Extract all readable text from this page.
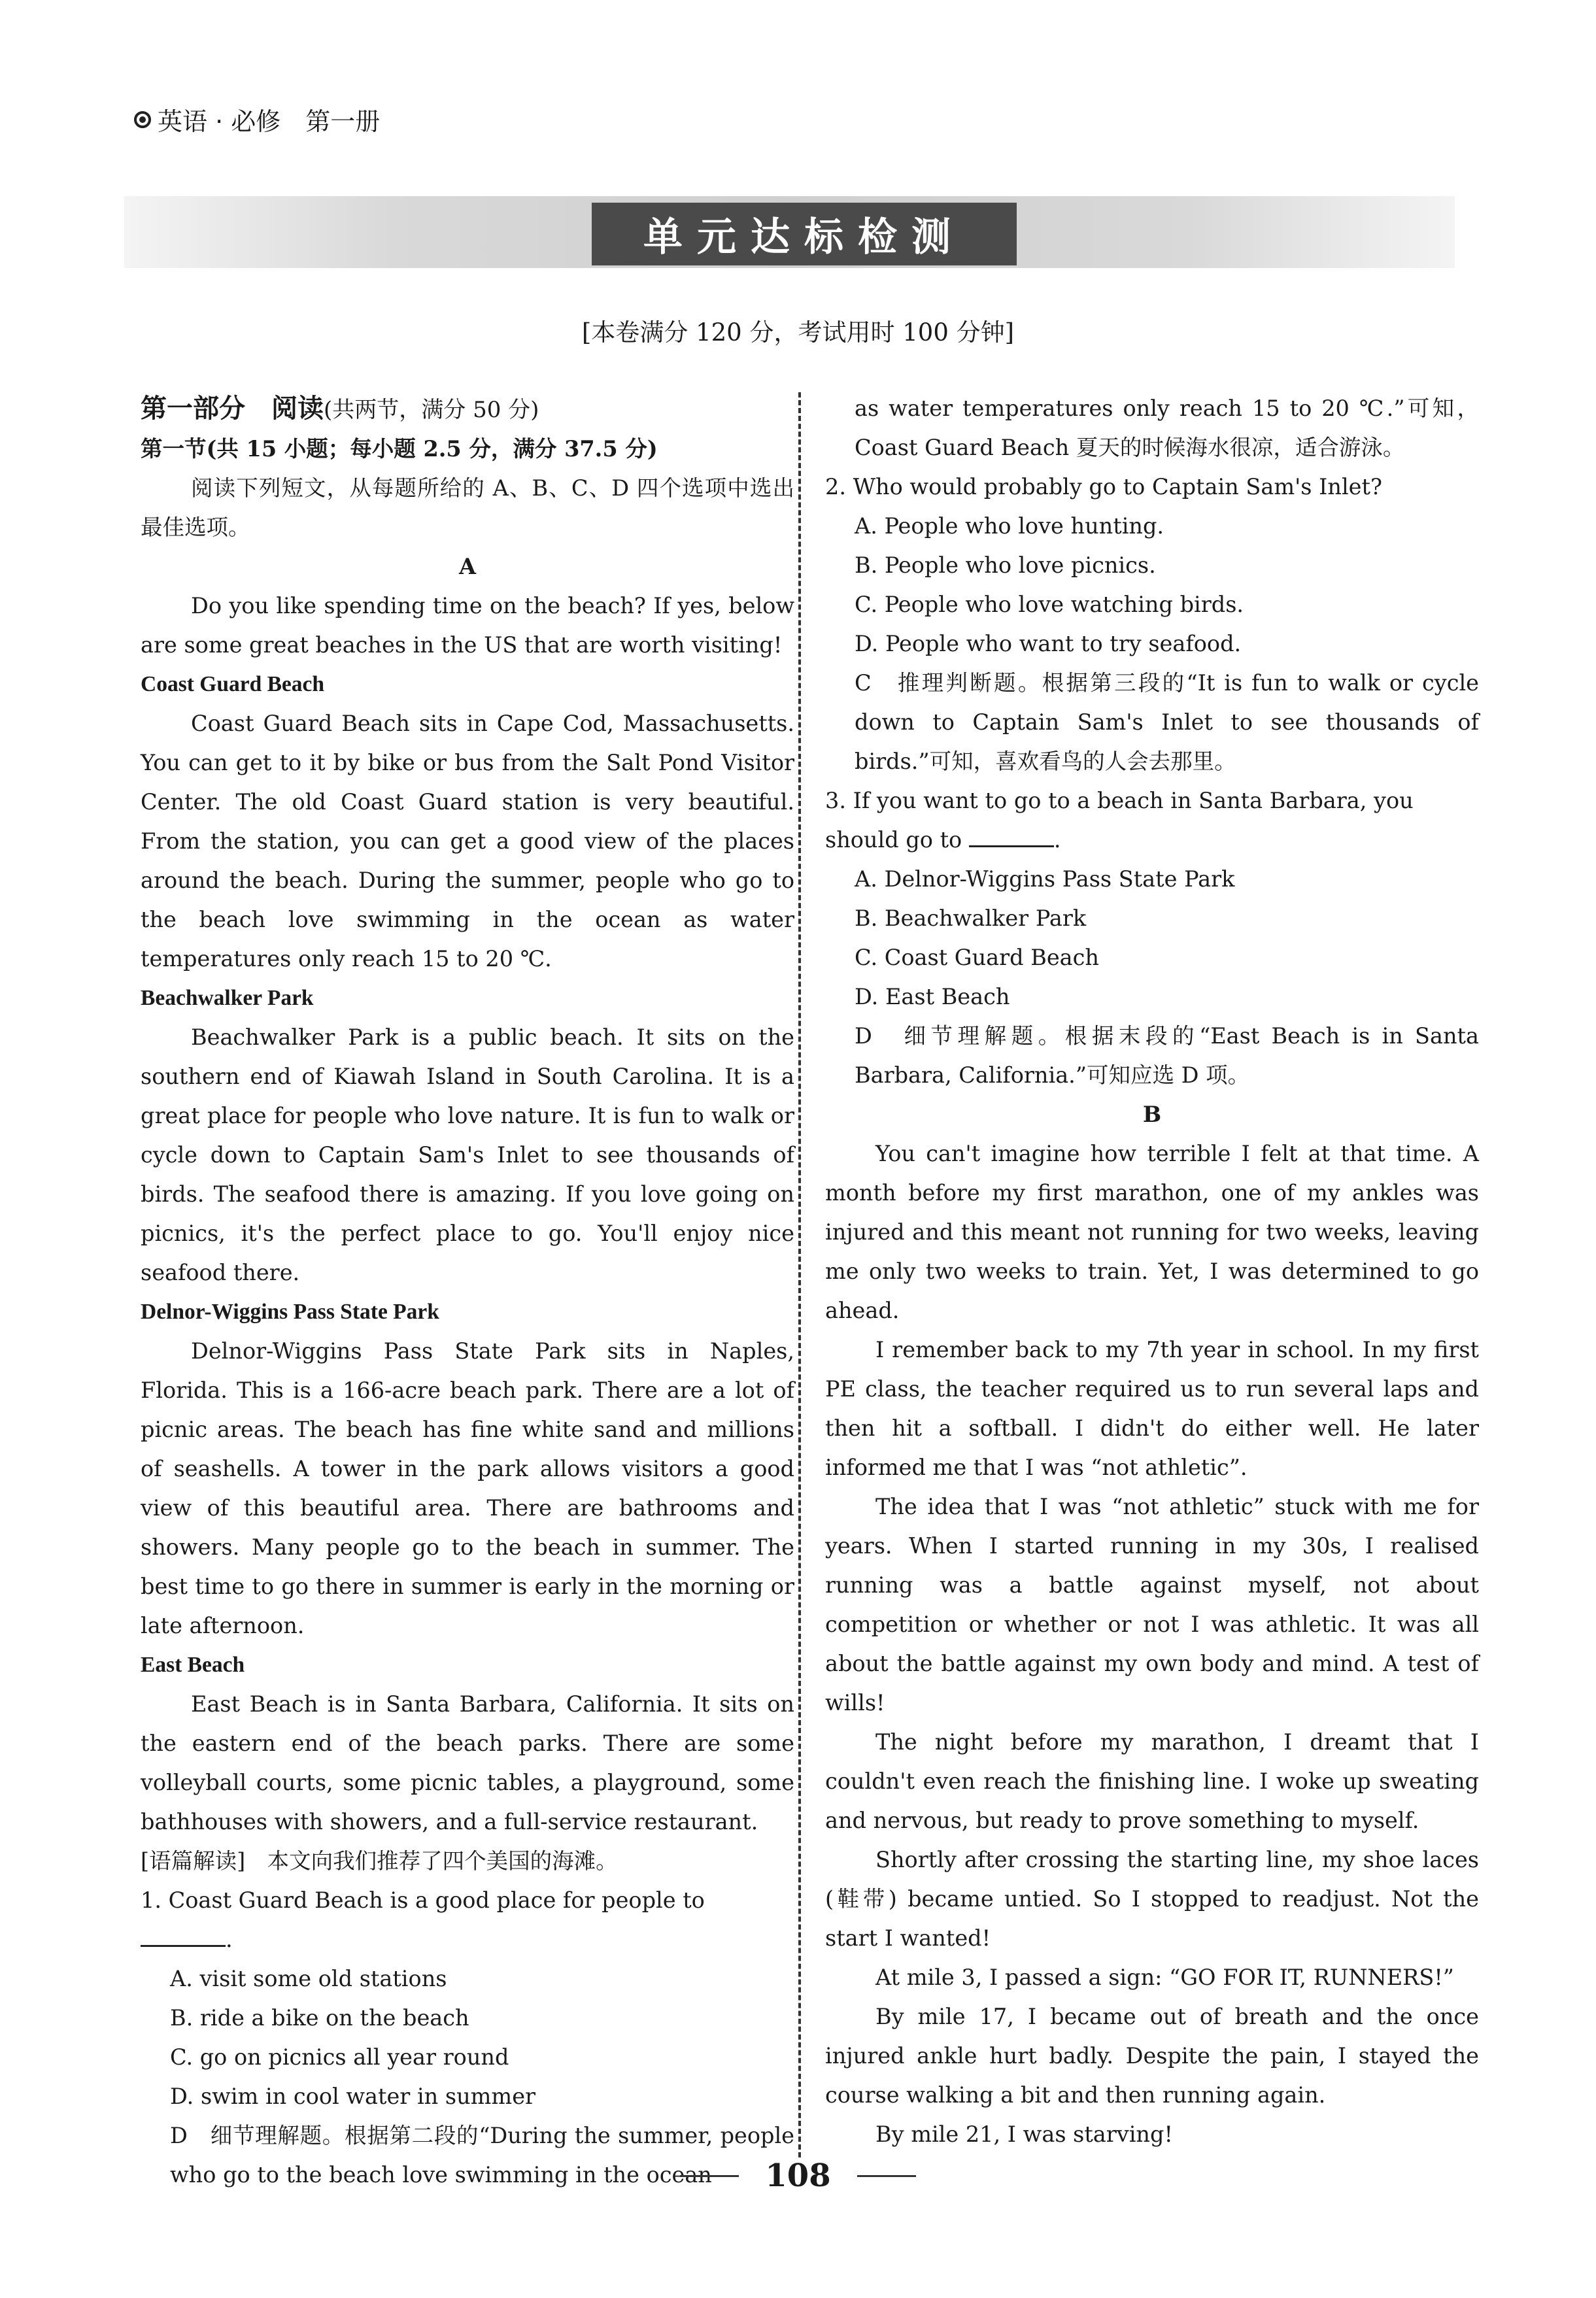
英语 · 必修　第一册
单元达标检测
[本卷满分 120 分，考试用时 100 分钟]

第一部分　阅读(共两节，满分 50 分)

第一节(共 15 小题；每小题 2.5 分，满分 37.5 分)

阅读下列短文，从每题所给的 A、B、C、D 四个选项中选出最佳选项。

A

Do you like spending time on the beach? If yes, below are some great beaches in the US that are worth visiting!

Coast Guard Beach

Coast Guard Beach sits in Cape Cod, Massachusetts. You can get to it by bike or bus from the Salt Pond Visitor Center. The old Coast Guard station is very beautiful. From the station, you can get a good view of the places around the beach. During the summer, people who go to the beach love swimming in the ocean as water temperatures only reach 15 to 20 ℃.

Beachwalker Park

Beachwalker Park is a public beach. It sits on the southern end of Kiawah Island in South Carolina. It is a great place for people who love nature. It is fun to walk or cycle down to Captain Sam's Inlet to see thousands of birds. The seafood there is amazing. If you love going on picnics, it's the perfect place to go. You'll enjoy nice seafood there.

Delnor-Wiggins Pass State Park

Delnor-Wiggins Pass State Park sits in Naples, Florida. This is a 166-acre beach park. There are a lot of picnic areas. The beach has fine white sand and millions of seashells. A tower in the park allows visitors a good view of this beautiful area. There are bathrooms and showers. Many people go to the beach in summer. The best time to go there in summer is early in the morning or late afternoon.

East Beach

East Beach is in Santa Barbara, California. It sits on the eastern end of the beach parks. There are some volleyball courts, some picnic tables, a playground, some bathhouses with showers, and a full-service restaurant.

[语篇解读]　本文向我们推荐了四个美国的海滩。

1. Coast Guard Beach is a good place for people to .

A. visit some old stations

B. ride a bike on the beach

C. go on picnics all year round

D. swim in cool water in summer

D　细节理解题。根据第二段的“During the summer, people who go to the beach love swimming in the ocean

as water temperatures only reach 15 to 20 ℃.”可知，Coast Guard Beach 夏天的时候海水很凉，适合游泳。

2. Who would probably go to Captain Sam's Inlet?

A. People who love hunting.

B. People who love picnics.

C. People who love watching birds.

D. People who want to try seafood.

C　推理判断题。根据第三段的“It is fun to walk or cycle down to Captain Sam's Inlet to see thousands of birds.”可知，喜欢看鸟的人会去那里。

3. If you want to go to a beach in Santa Barbara, you should go to	.

A. Delnor-Wiggins Pass State Park

B. Beachwalker Park

C. Coast Guard Beach

D. East Beach

D　细节理解题。根据末段的“East Beach is in Santa Barbara, California.”可知应选 D 项。

B

You can't imagine how terrible I felt at that time. A month before my first marathon, one of my ankles was injured and this meant not running for two weeks, leaving me only two weeks to train. Yet, I was determined to go ahead.

I remember back to my 7th year in school. In my first PE class, the teacher required us to run several laps and then hit a softball. I didn't do either well. He later informed me that I was “not athletic”.

The idea that I was “not athletic” stuck with me for years. When I started running in my 30s, I realised running was a battle against myself, not about competition or whether or not I was athletic. It was all about the battle against my own body and mind. A test of wills!

The night before my marathon, I dreamt that I couldn't even reach the finishing line. I woke up sweating and nervous, but ready to prove something to myself.

Shortly after crossing the starting line, my shoe laces (鞋带) became untied. So I stopped to readjust. Not the start I wanted!

At mile 3, I passed a sign: “GO FOR IT, RUNNERS!”

By mile 17, I became out of breath and the once injured ankle hurt badly. Despite the pain, I stayed the course walking a bit and then running again.

By mile 21, I was starving!

108
